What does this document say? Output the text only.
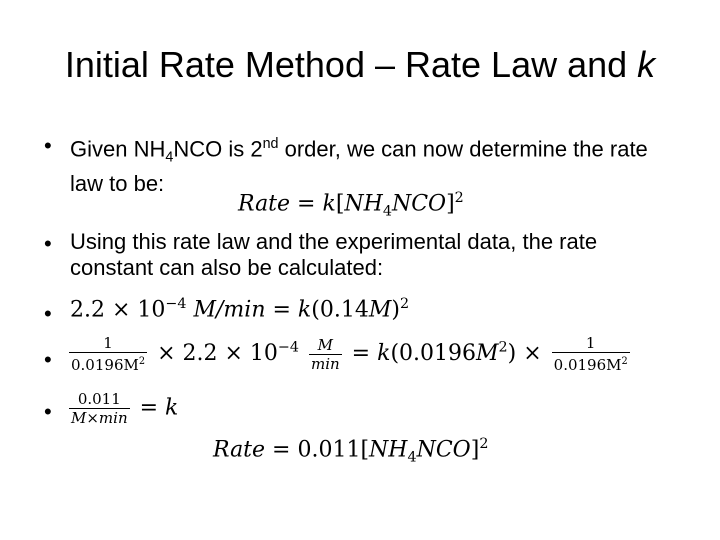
Initial Rate Method – Rate Law and k
• Given $NH_4NCO$ is 2nd order, we can now determine the rate law to be:
Rate = $k[NH_4NCO]^2$
• Using this rate law and the experimental data, the rate constant can also be calculated:
• $2.2 \times 10^{-4}$ $M/\min = k(0.14M)^2$
• $\frac{1}{0.0196M^2} \times 2.2 \times 10^{-4} \frac{M}{\min} = k(0.0196M^2) \times \frac{1}{0.0196M^2}$
• $\frac{0.011}{M\times\min} = k$
Rate = $0.011[NH_4NCO]^2$
